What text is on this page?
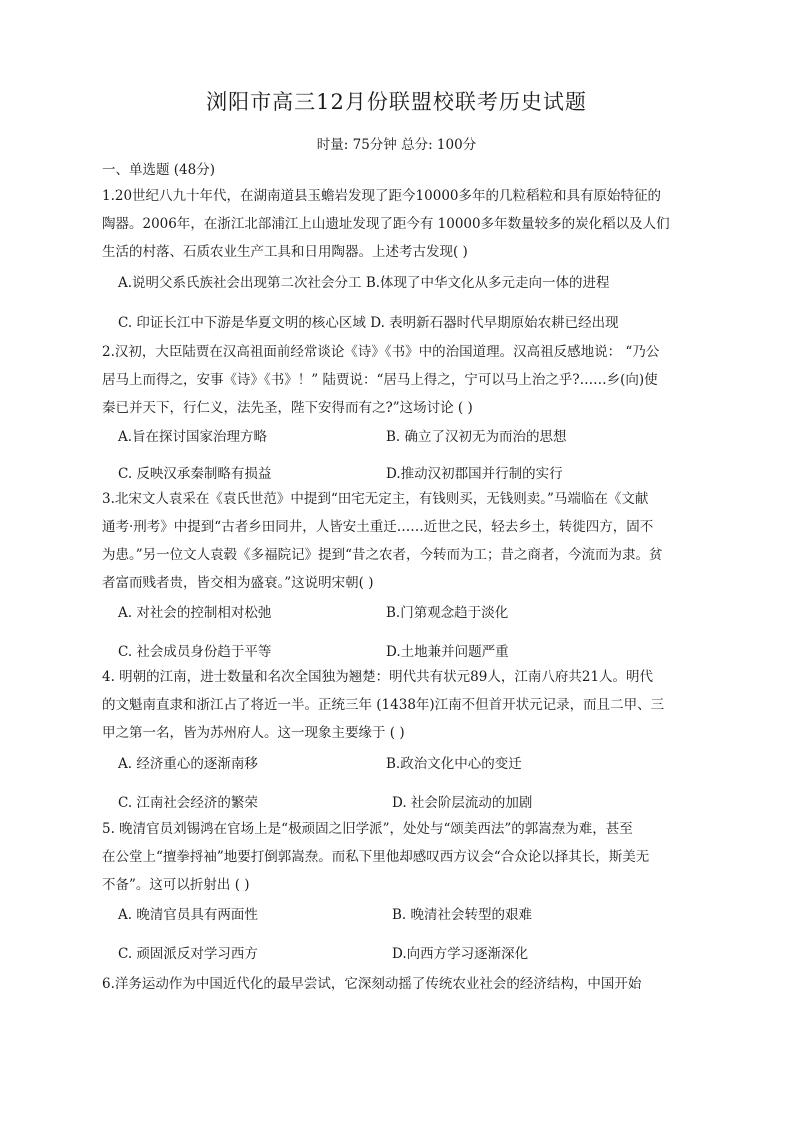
浏阳市高三12月份联盟校联考历史试题
时量: 75分钟 总分: 100分
一、单选题 (48分)
1.20世纪八九十年代，在湖南道县玉蟾岩发现了距今10000多年的几粒稻粒和具有原始特征的
陶器。2006年，在浙江北部浦江上山遗址发现了距今有 10000多年数量较多的炭化稻以及人们
生活的村落、石质农业生产工具和日用陶器。上述考古发现( )
A.说明父系氏族社会出现第二次社会分工 B.体现了中华文化从多元走向一体的进程
C. 印证长江中下游是华夏文明的核心区域 D. 表明新石器时代早期原始农耕已经出现
2.汉初，大臣陆贾在汉高祖面前经常谈论《诗》《书》中的治国道理。汉高祖反感地说： “乃公
居马上而得之，安事《诗》《书》！” 陆贾说：“居马上得之，宁可以马上治之乎?……乡(向)使
秦已并天下，行仁义，法先圣，陛下安得而有之?”这场讨论 ( )
A.旨在探讨国家治理方略	B. 确立了汉初无为而治的思想
C. 反映汉承秦制略有损益	D.推动汉初郡国并行制的实行
3.北宋文人袁采在《袁氏世范》中提到“田宅无定主，有钱则买，无钱则卖。”马端临在《文献
通考·刑考》中提到“古者乡田同井，人皆安土重迁……近世之民，轻去乡土，转徙四方，固不
为患。”另一位文人袁毂《多福院记》提到“昔之农者，今转而为工；昔之商者，今流而为隶。贫
者富而贱者贵，皆交相为盛衰。”这说明宋朝( )
A. 对社会的控制相对松弛	B.门第观念趋于淡化
C. 社会成员身份趋于平等	D.土地兼并问题严重
4. 明朝的江南，进士数量和名次全国独为翘楚：明代共有状元89人，江南八府共21人。明代
的文魁南直隶和浙江占了将近一半。正统三年 (1438年)江南不但首开状元记录，而且二甲、三
甲之第一名，皆为苏州府人。这一现象主要缘于 ( )
A. 经济重心的逐渐南移	B.政治文化中心的变迁
C. 江南社会经济的繁荣	D. 社会阶层流动的加剧
5. 晚清官员刘锡鸿在官场上是“极顽固之旧学派”，处处与“颂美西法”的郭嵩焘为难，甚至
在公堂上“擅拳捋袖”地要打倒郭嵩焘。而私下里他却感叹西方议会“合众论以择其长，斯美无
不备”。这可以折射出 ( )
A. 晚清官员具有两面性	B. 晚清社会转型的艰难
C. 顽固派反对学习西方	D.向西方学习逐渐深化
6.洋务运动作为中国近代化的最早尝试，它深刻动摇了传统农业社会的经济结构，中国开始
